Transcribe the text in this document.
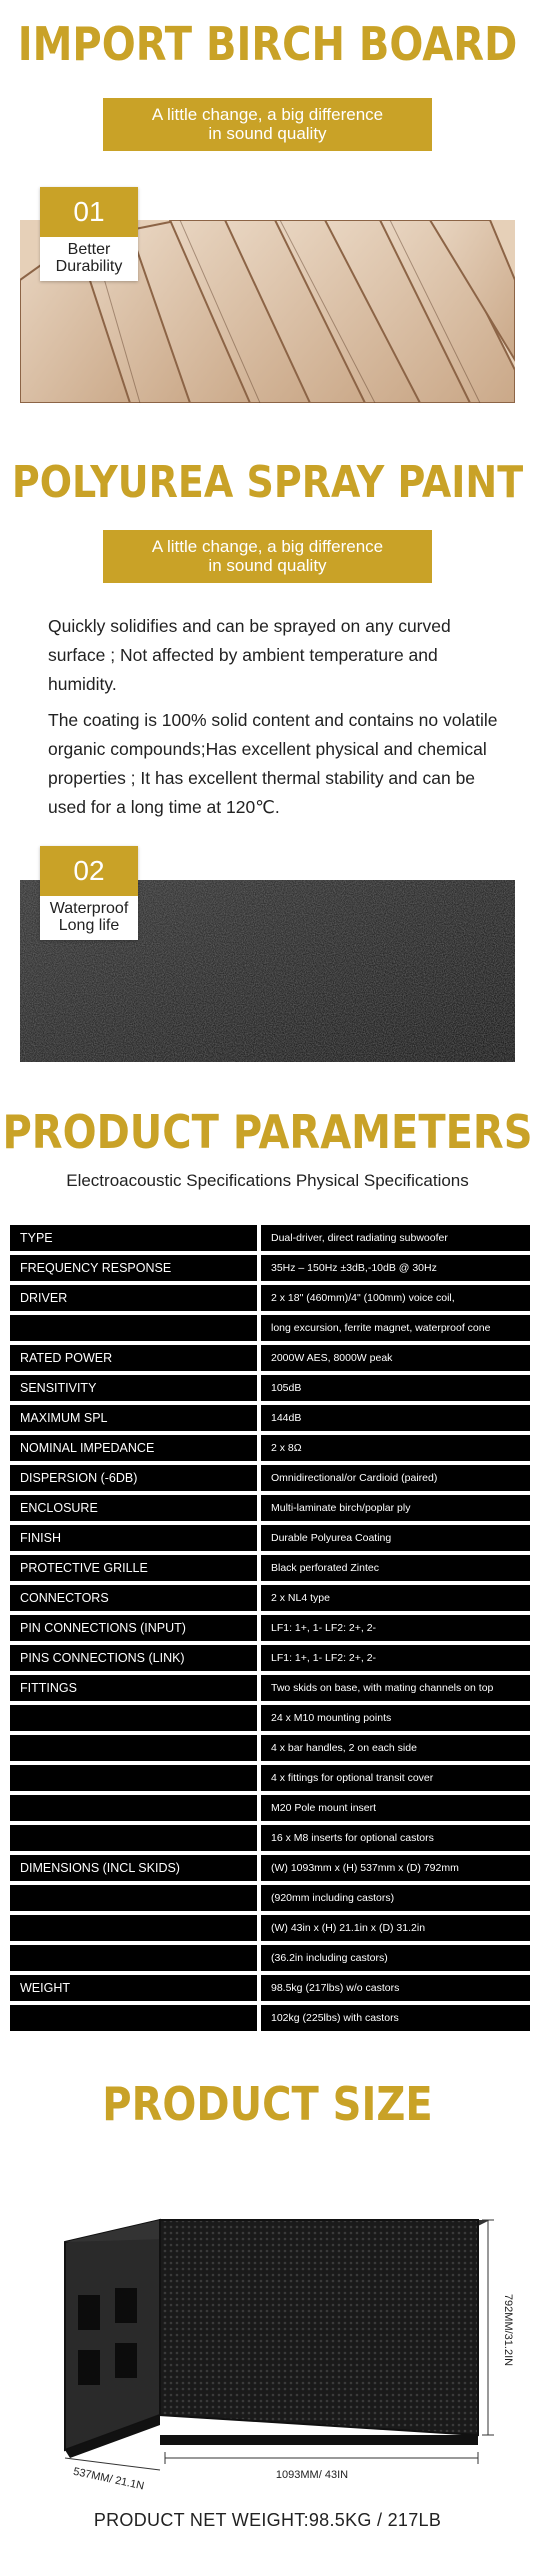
IMPORT BIRCH BOARD
A little change, a big difference
in sound quality
01
Better
Durability
POLYUREA SPRAY PAINT
A little change, a big difference
in sound quality

Quickly solidifies and can be sprayed on any curved surface ; Not affected by ambient temperature and humidity.

The coating is 100% solid content and contains no volatile organic compounds;Has excellent physical and chemical properties ; It has excellent thermal stability and can be used for a long time at 120℃.

02
Waterproof
Long life
PRODUCT PARAMETERS
Electroacoustic Specifications Physical Specifications
TYPE	Dual-driver, direct radiating subwoofer
FREQUENCY RESPONSE	35Hz – 150Hz ±3dB,-10dB @ 30Hz
DRIVER	2 x 18" (460mm)/4" (100mm) voice coil,
long excursion, ferrite magnet, waterproof cone
RATED POWER	2000W AES, 8000W peak
SENSITIVITY	105dB
MAXIMUM SPL	144dB
NOMINAL IMPEDANCE	2 x 8Ω
DISPERSION (-6DB)	Omnidirectional/or Cardioid (paired)
ENCLOSURE	Multi-laminate birch/poplar ply
FINISH	Durable Polyurea Coating
PROTECTIVE GRILLE	Black perforated Zintec
CONNECTORS	2 x NL4 type
PIN CONNECTIONS (INPUT)	LF1: 1+, 1- LF2: 2+, 2-
PINS CONNECTIONS (LINK)	LF1: 1+, 1- LF2: 2+, 2-
FITTINGS	Two skids on base, with mating channels on top
24 x M10 mounting points
4 x bar handles, 2 on each side
4 x fittings for optional transit cover
M20 Pole mount insert
16 x M8 inserts for optional castors
DIMENSIONS (INCL SKIDS)	(W) 1093mm x (H) 537mm x (D) 792mm
(920mm including castors)
(W) 43in x (H) 21.1in x (D) 31.2in
(36.2in including castors)
WEIGHT	98.5kg (217lbs) w/o castors
102kg (225lbs) with castors
PRODUCT SIZE
792MM/31.2IN
1093MM/ 43IN
537MM/ 21.1N
PRODUCT NET WEIGHT:98.5KG / 217LB
